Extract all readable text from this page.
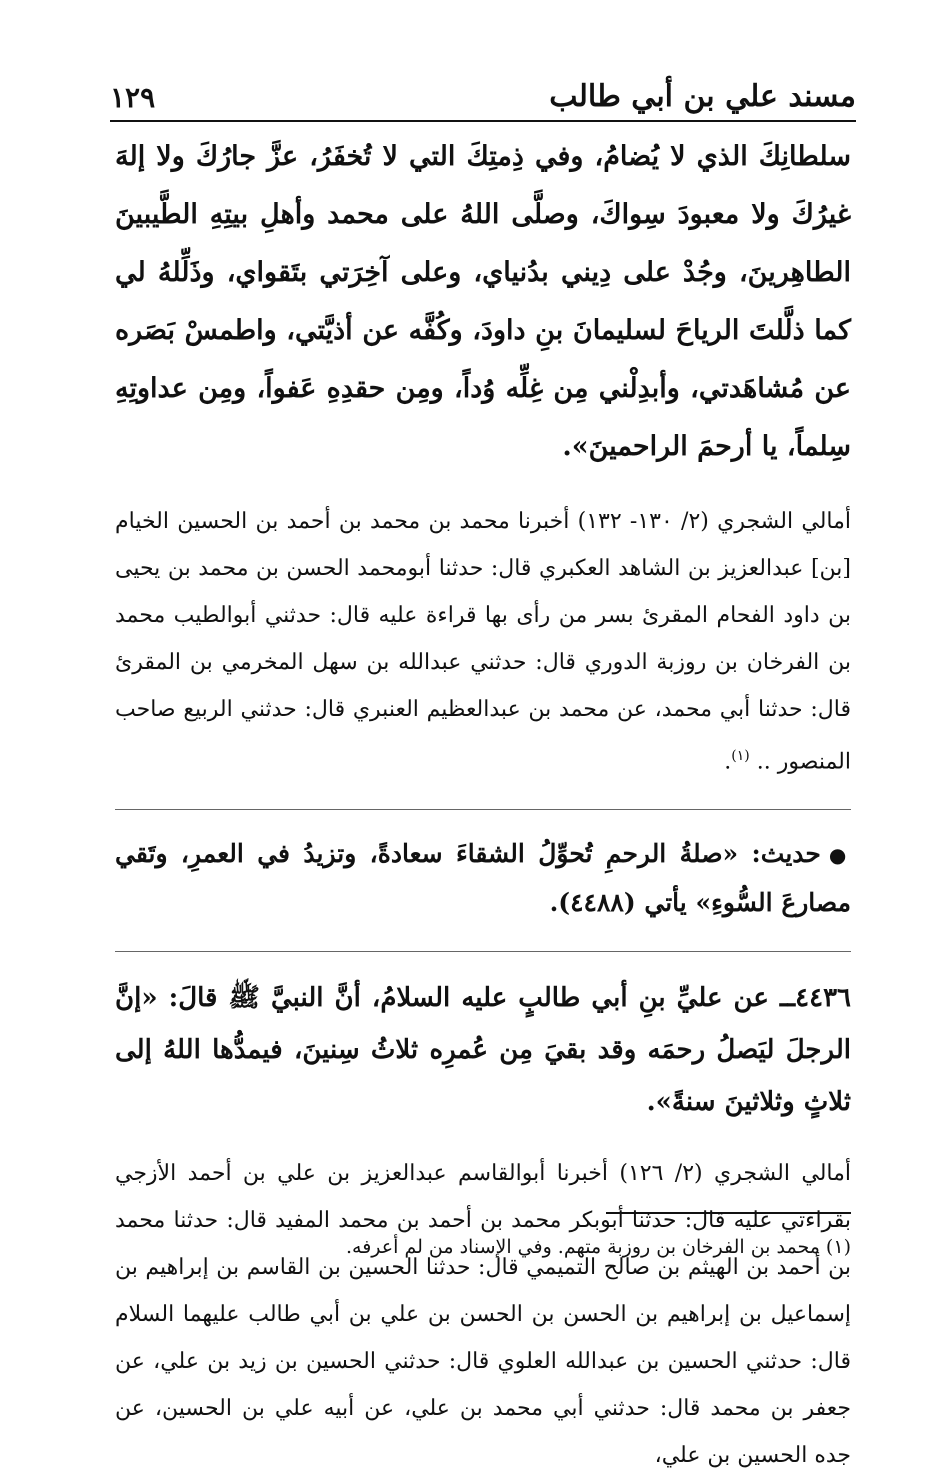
مسند علي بن أبي طالب
١٢٩

سلطانِكَ الذي لا يُضامُ، وفي ذِمتِكَ التي لا تُخفَرُ، عزَّ جارُكَ ولا إلهَ غيرُكَ ولا معبودَ سِواكَ، وصلَّى اللهُ على محمد وأهلِ بيتِهِ الطَّيبينَ الطاهِرينَ، وجُدْ على دِيني بدُنياي، وعلى آخِرَتي بتَقواي، وذَلِّلهُ لي كما ذلَّلتَ الرياحَ لسليمانَ بنِ داودَ، وكُفَّه عن أذيَّتي، واطمسْ بَصَره عن مُشاهَدتي، وأبدِلْني مِن غِلِّه وُداً، ومِن حقدِهِ عَفواً، ومِن عداوتِهِ سِلماً، يا أرحمَ الراحمينَ».

أمالي الشجري (٢/ ١٣٠- ١٣٢) أخبرنا محمد بن محمد بن أحمد بن الحسين الخيام [بن] عبدالعزيز بن الشاهد العكبري قال: حدثنا أبومحمد الحسن بن محمد بن يحيى بن داود الفحام المقرئ بسر من رأى بها قراءة عليه قال: حدثني أبوالطيب محمد بن الفرخان بن روزبة الدوري قال: حدثني عبدالله بن سهل المخرمي بن المقرئ قال: حدثنا أبي محمد، عن محمد بن عبدالعظيم العنبري قال: حدثني الربيع صاحب المنصور .. $^{(١)}$.

●حديث: «صلةُ الرحمِ تُحوِّلُ الشقاءَ سعادةً، وتزيدُ في العمرِ، وتَقي مصارعَ السُّوءِ» يأتي (٤٤٨٨).

٤٤٣٦ــ عن عليِّ بنِ أبي طالبٍ عليه السلامُ، أنَّ النبيَّ ﷺ قالَ: «إنَّ الرجلَ ليَصلُ رحمَه وقد بقيَ مِن عُمرِه ثلاثُ سِنينَ، فيمدُّها اللهُ إلى ثلاثٍ وثلاثينَ سنةً».

أمالي الشجري (٢/ ١٢٦) أخبرنا أبوالقاسم عبدالعزيز بن علي بن أحمد الأزجي بقراءتي عليه قال: حدثنا أبوبكر محمد بن أحمد بن محمد المفيد قال: حدثنا محمد بن أحمد بن الهيثم بن صالح التميمي قال: حدثنا الحسين بن القاسم بن إبراهيم بن إسماعيل بن إبراهيم بن الحسن بن الحسن بن علي بن أبي طالب عليهما السلام قال: حدثني الحسين بن عبدالله العلوي قال: حدثني الحسين بن زيد بن علي، عن جعفر بن محمد قال: حدثني أبي محمد بن علي، عن أبيه علي بن الحسين، عن جده الحسين بن علي،

(١) محمد بن الفرخان بن روزبة متهم. وفي الإسناد من لم أعرفه.
